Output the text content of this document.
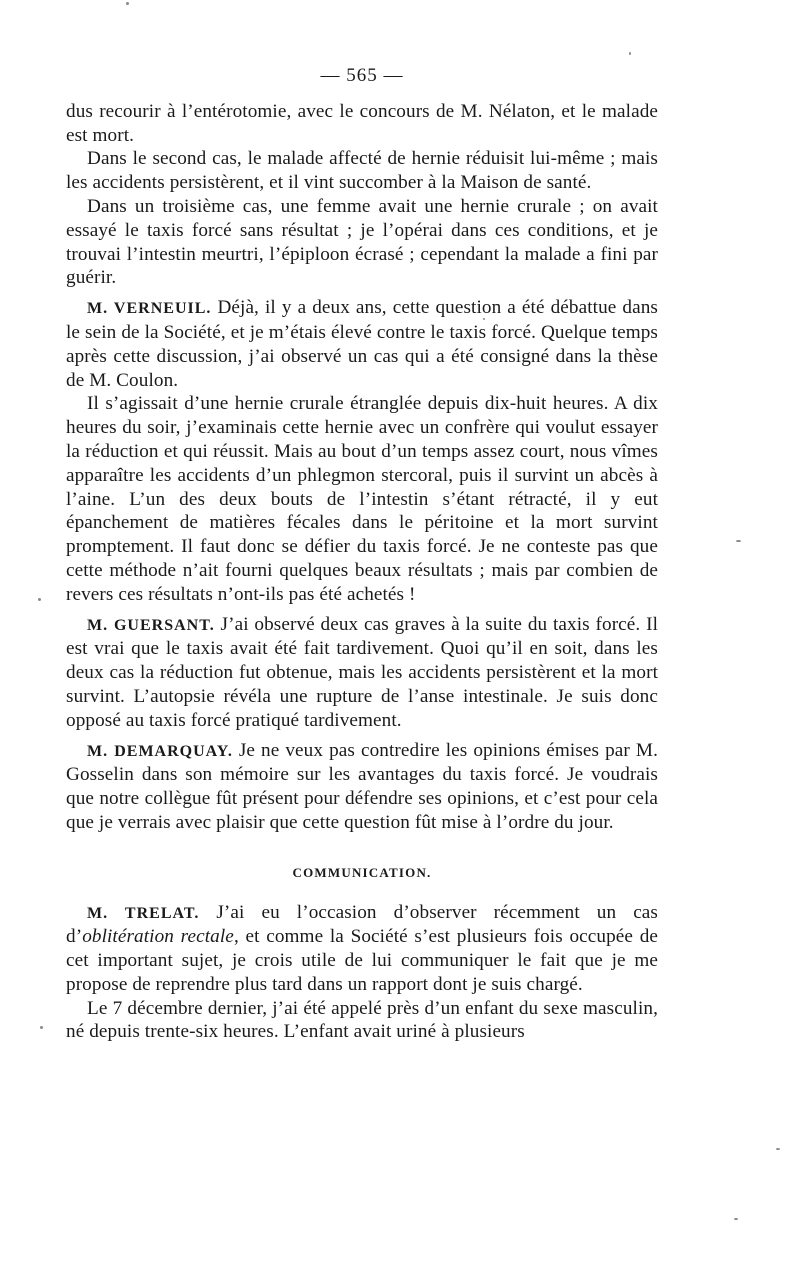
— 565 —

dus recourir à l’entérotomie, avec le concours de M. Nélaton, et le malade est mort.

Dans le second cas, le malade affecté de hernie réduisit lui-même ; mais les accidents persistèrent, et il vint succomber à la Maison de santé.

Dans un troisième cas, une femme avait une hernie crurale ; on avait essayé le taxis forcé sans résultat ; je l’opérai dans ces conditions, et je trouvai l’intestin meurtri, l’épiploon écrasé ; cependant la malade a fini par guérir.

M. VERNEUIL. Déjà, il y a deux ans, cette question a été débattue dans le sein de la Société, et je m’étais élevé contre le taxis forcé. Quelque temps après cette discussion, j’ai observé un cas qui a été consigné dans la thèse de M. Coulon.

Il s’agissait d’une hernie crurale étranglée depuis dix-huit heures. A dix heures du soir, j’examinais cette hernie avec un confrère qui voulut essayer la réduction et qui réussit. Mais au bout d’un temps assez court, nous vîmes apparaître les accidents d’un phlegmon stercoral, puis il survint un abcès à l’aine. L’un des deux bouts de l’intestin s’étant rétracté, il y eut épanchement de matières fécales dans le péritoine et la mort survint promptement. Il faut donc se défier du taxis forcé. Je ne conteste pas que cette méthode n’ait fourni quelques beaux résultats ; mais par combien de revers ces résultats n’ont-ils pas été achetés !

M. GUERSANT. J’ai observé deux cas graves à la suite du taxis forcé. Il est vrai que le taxis avait été fait tardivement. Quoi qu’il en soit, dans les deux cas la réduction fut obtenue, mais les accidents persistèrent et la mort survint. L’autopsie révéla une rupture de l’anse intestinale. Je suis donc opposé au taxis forcé pratiqué tardivement.

M. DEMARQUAY. Je ne veux pas contredire les opinions émises par M. Gosselin dans son mémoire sur les avantages du taxis forcé. Je voudrais que notre collègue fût présent pour défendre ses opinions, et c’est pour cela que je verrais avec plaisir que cette question fût mise à l’ordre du jour.

COMMUNICATION.

M. TRELAT. J’ai eu l’occasion d’observer récemment un cas d’oblitération rectale, et comme la Société s’est plusieurs fois occupée de cet important sujet, je crois utile de lui communiquer le fait que je me propose de reprendre plus tard dans un rapport dont je suis chargé.

Le 7 décembre dernier, j’ai été appelé près d’un enfant du sexe masculin, né depuis trente-six heures. L’enfant avait uriné à plusieurs
